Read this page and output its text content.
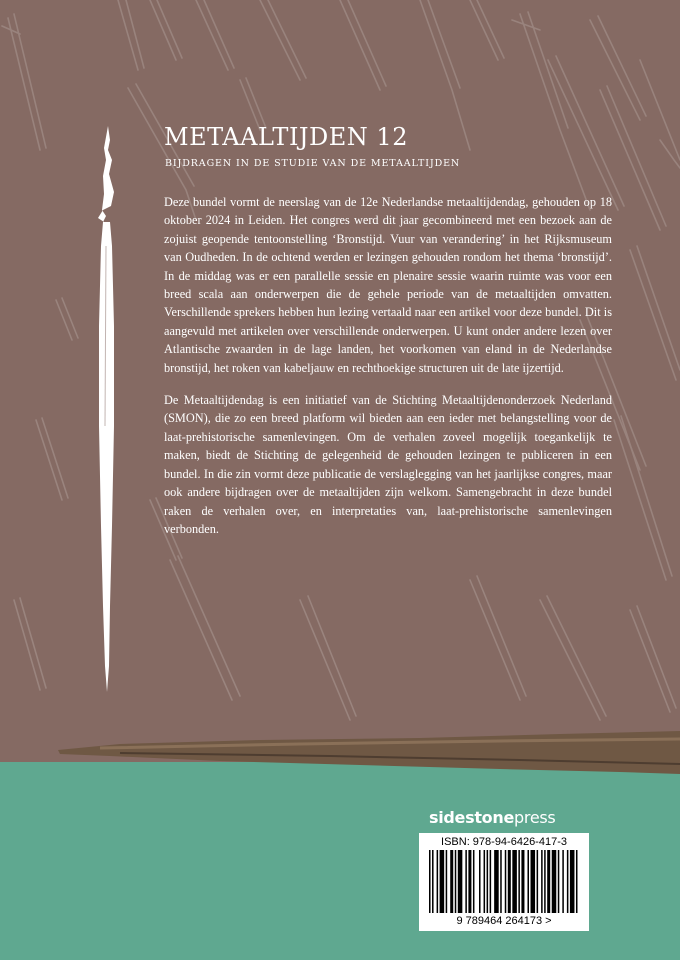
METAALTIJDEN 12

BIJDRAGEN IN DE STUDIE VAN DE METAALTIJDEN

Deze bundel vormt de neerslag van de 12e Nederlandse metaaltijdendag, gehouden op 18 oktober 2024 in Leiden. Het congres werd dit jaar gecombineerd met een bezoek aan de zojuist geopende tentoonstelling ‘Bronstijd. Vuur van verandering’ in het Rijksmuseum van Oudheden. In de ochtend werden er lezingen gehouden rondom het thema ‘bronstijd’. In de middag was er een parallelle sessie en plenaire sessie waarin ruimte was voor een breed scala aan onderwerpen die de gehele periode van de metaaltijden omvatten. Verschillende sprekers hebben hun lezing vertaald naar een artikel voor deze bundel. Dit is aangevuld met artikelen over verschillende onderwerpen. U kunt onder andere lezen over Atlantische zwaarden in de lage landen, het voorkomen van eland in de Nederlandse bronstijd, het roken van kabeljauw en rechthoekige structuren uit de late ijzertijd.

De Metaaltijdendag is een initiatief van de Stichting Metaaltijdenonderzoek Nederland (SMON), die zo een breed platform wil bieden aan een ieder met belangstelling voor de laat-prehistorische samenlevingen. Om de verhalen zoveel mogelijk toegankelijk te maken, biedt de Stichting de gelegenheid de gehouden lezingen te publiceren in een bundel. In die zin vormt deze publicatie de verslaglegging van het jaarlijkse congres, maar ook andere bijdragen over de metaaltijden zijn welkom. Samengebracht in deze bundel raken de verhalen over, en interpretaties van, laat-prehistorische samenlevingen verbonden.

sidestonepress

ISBN: 978-94-6426-417-3
9 789464 264173 >
